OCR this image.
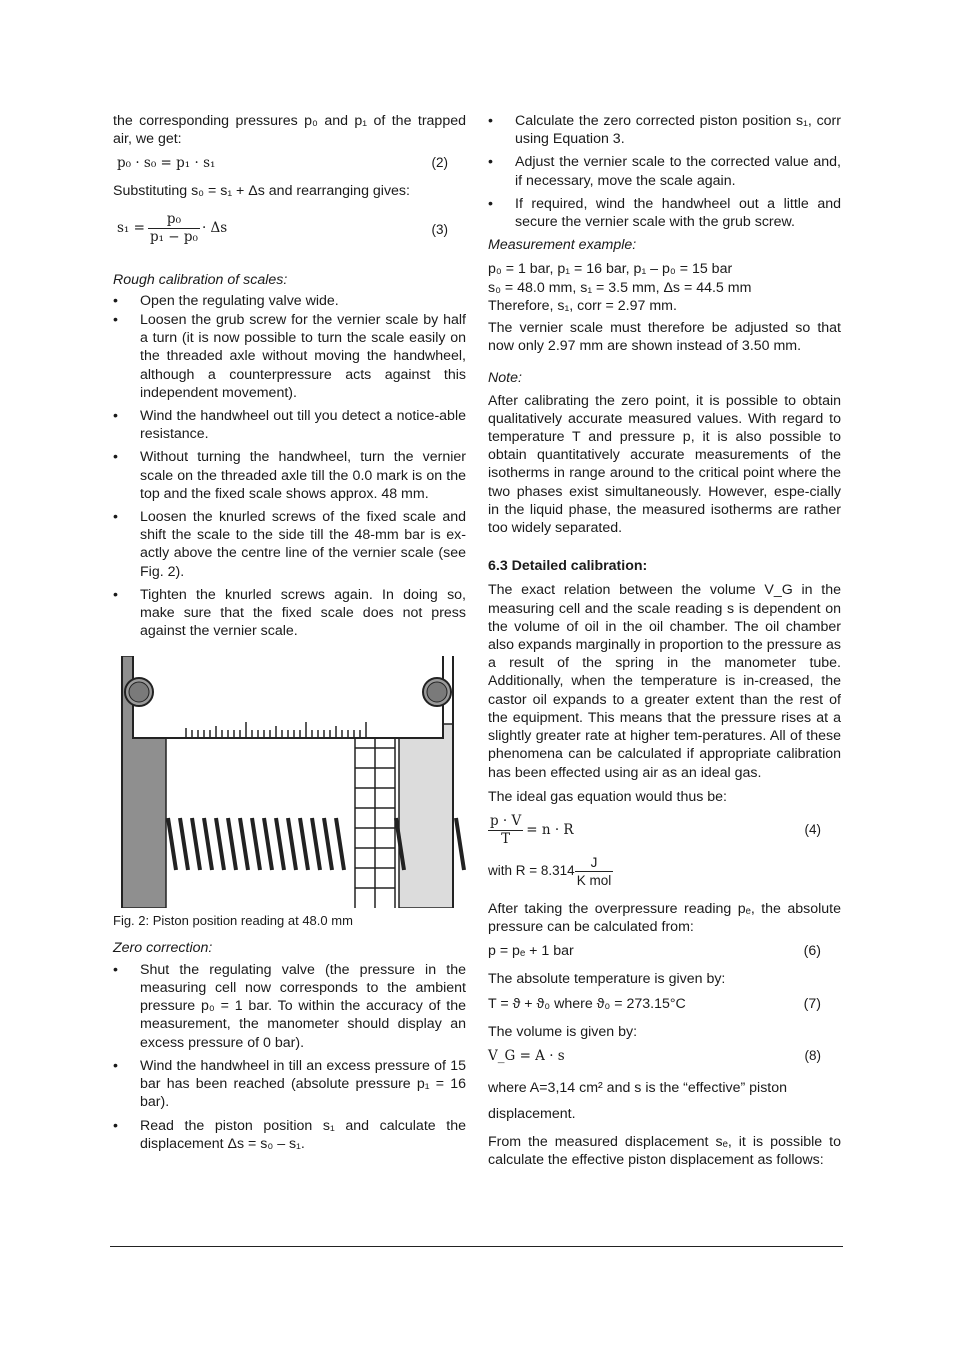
the corresponding pressures p₀ and p₁ of the trapped air, we get:

p₀ · s₀ = p₁ · s₁	(2)

Substituting s₀ = s₁ + Δs and rearranging gives:

$s_1 = \frac{\text{p₀}}{\text{p₁ − p₀}} \cdot \Delta s$	(3)

Rough calibration of scales:

• Open the regulating valve wide.
• Loosen the grub screw for the vernier scale by half a turn (it is now possible to turn the scale easily on the threaded axle without moving the handwheel, although a counterpressure acts against this independent movement).
• Wind the handwheel out till you detect a notice-able resistance.
• Without turning the handwheel, turn the vernier scale on the threaded axle till the 0.0 mark is on the top and the fixed scale shows approx. 48 mm.
• Loosen the knurled screws of the fixed scale and shift the scale to the side till the 48-mm bar is ex-actly above the centre line of the vernier scale (see Fig. 2).
• Tighten the knurled screws again. In doing so, make sure that the fixed scale does not press against the vernier scale.
Fig. 2: Piston position reading at 48.0 mm

Zero correction:

• Shut the regulating valve (the pressure in the measuring cell now corresponds to the ambient pressure p₀ = 1 bar. To within the accuracy of the measurement, the manometer should display an excess pressure of 0 bar).
• Wind the handwheel in till an excess pressure of 15 bar has been reached (absolute pressure p₁ = 16 bar).
• Read the piston position s₁ and calculate the displacement Δs = s₀ – s₁.
• Calculate the zero corrected piston position s₁, corr using Equation 3.
• Adjust the vernier scale to the corrected value and, if necessary, move the scale again.
• If required, wind the handwheel out a little and secure the vernier scale with the grub screw.

Measurement example:

p₀ = 1 bar, p₁ = 16 bar, p₁ – p₀ = 15 bar

s₀ = 48.0 mm, s₁ = 3.5 mm, Δs = 44.5 mm

Therefore, s₁, corr = 2.97 mm.

The vernier scale must therefore be adjusted so that now only 2.97 mm are shown instead of 3.50 mm.

Note:

After calibrating the zero point, it is possible to obtain qualitatively accurate measured values. With regard to temperature T and pressure p, it is also possible to obtain quantitatively accurate measurements of the isotherms in range around to the critical point where the two phases exist simultaneously. However, espe-cially in the liquid phase, the measured isotherms are rather too widely separated.

6.3 Detailed calibration:

The exact relation between the volume V_G in the measuring cell and the scale reading s is dependent on the volume of oil in the oil chamber. The oil chamber also expands marginally in proportion to the pressure as a result of the spring in the manometer tube. Additionally, when the temperature is in-creased, the castor oil expands to a greater extent than the rest of the equipment. This means that the pressure rises at a slightly greater rate at higher tem-peratures. All of these phenomena can be calculated if appropriate calibration has been effected using air as an ideal gas.

The ideal gas equation would thus be:

$\frac{p \cdot V}{T} = n \cdot R$	(4)
with $R = 8.314 \frac{J}{\text{K mol}}$

After taking the overpressure reading pₑ, the absolute pressure can be calculated from:

p = pₑ + 1 bar	(6)

The absolute temperature is given by:

T = ϑ + ϑ₀ where ϑ₀ = 273.15°C	(7)

The volume is given by:

V_G = A · s	(8)

where A=3,14 cm² and s is the “effective” piston displacement.

From the measured displacement sₑ, it is possible to calculate the effective piston displacement as follows:
